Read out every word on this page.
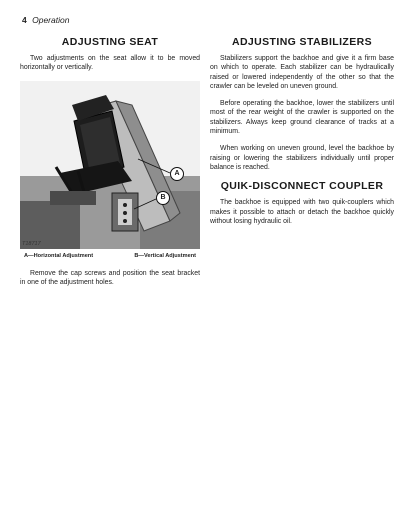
4 Operation
ADJUSTING SEAT

Two adjustments on the seat allow it to be moved horizontally or vertically.

A
B
T18717
A—Horizontal Adjustment	B—Vertical Adjustment

Remove the cap screws and position the seat bracket in one of the adjustment holes.

ADJUSTING STABILIZERS

Stabilizers support the backhoe and give it a firm base on which to operate. Each stabilizer can be hydraulically raised or lowered independently of the other so that the crawler can be leveled on uneven ground.

Before operating the backhoe, lower the stabilizers until most of the rear weight of the crawler is supported on the stabilizers. Always keep ground clearance of tracks at a minimum.

When working on uneven ground, level the backhoe by raising or lowering the stabilizers individually until proper balance is reached.

QUIK-DISCONNECT COUPLER

The backhoe is equipped with two quik-couplers which makes it possible to attach or detach the backhoe quickly without losing hydraulic oil.
